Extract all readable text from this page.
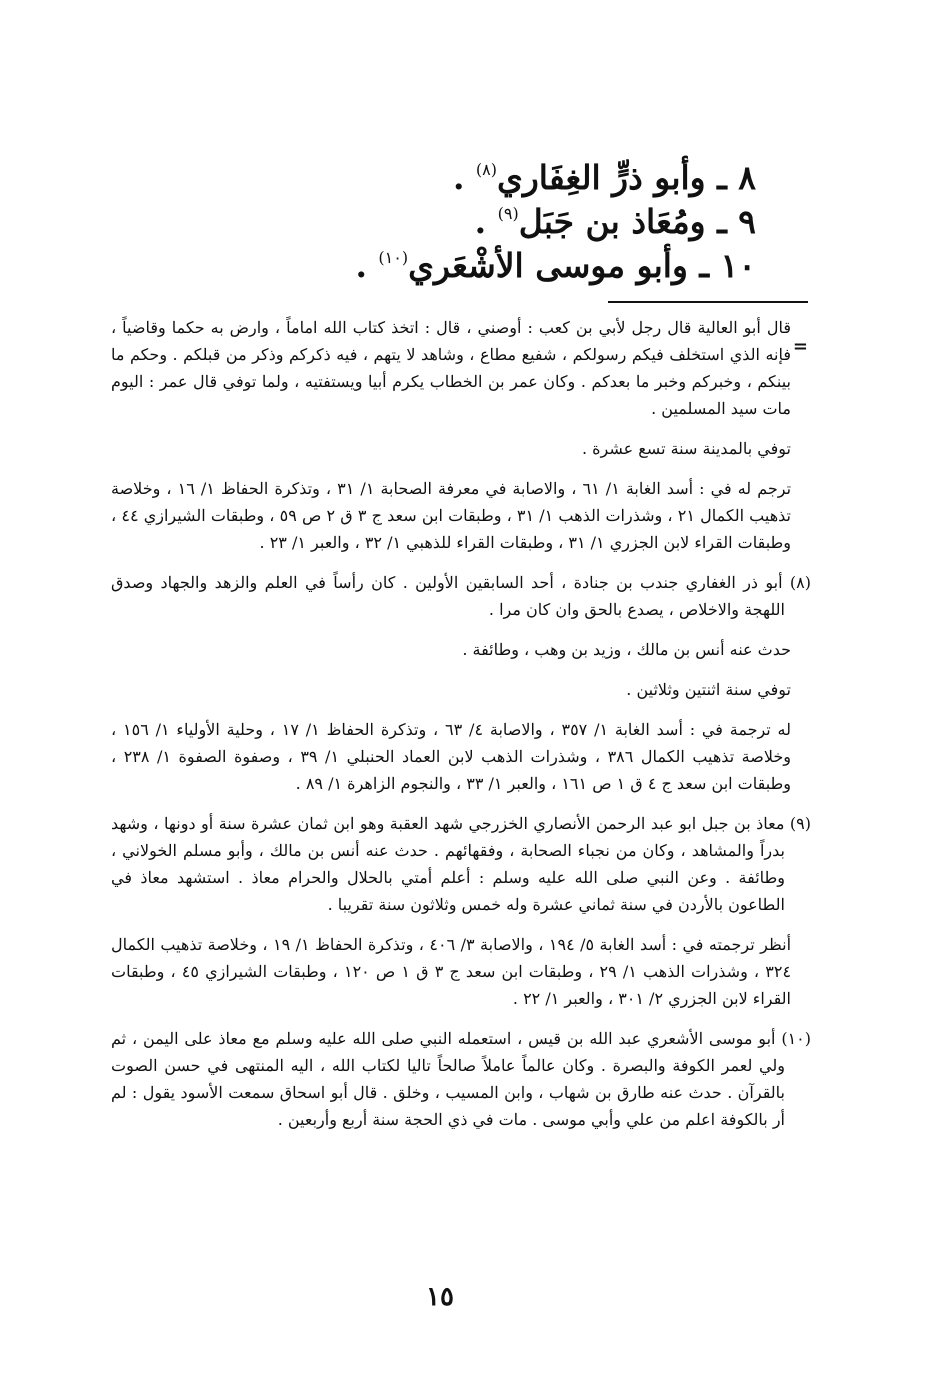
٨ ـ وأبو ذرٍّ الغِفَاري$^{(٨)}$ .
٩ ـ ومُعَاذ بن جَبَل$^{(٩)}$ .
١٠ ـ وأبو موسى الأشْعَري$^{(١٠)}$ .
=

قال أبو العالية قال رجل لأبي بن كعب : أوصني ، قال : اتخذ كتاب الله اماماً ، وارض به حكما وقاضياً ، فإنه الذي استخلف فيكم رسولكم ، شفيع مطاع ، وشاهد لا يتهم ، فيه ذكركم وذكر من قبلكم . وحكم ما بينكم ، وخبركم وخبر ما بعدكم . وكان عمر بن الخطاب يكرم أبيا ويستفتيه ، ولما توفي قال عمر : اليوم مات سيد المسلمين .

توفي بالمدينة سنة تسع عشرة .

ترجم له في : أسد الغابة ١/ ٦١ ، والاصابة في معرفة الصحابة ١/ ٣١ ، وتذكرة الحفاظ ١/ ١٦ ، وخلاصة تذهيب الكمال ٢١ ، وشذرات الذهب ١/ ٣١ ، وطبقات ابن سعد ج ٣ ق ٢ ص ٥٩ ، وطبقات الشيرازي ٤٤ ، وطبقات القراء لابن الجزري ١/ ٣١ ، وطبقات القراء للذهبي ١/ ٣٢ ، والعبر ١/ ٢٣ .

(٨) أبو ذر الغفاري جندب بن جنادة ، أحد السابقين الأولين . كان رأساً في العلم والزهد والجهاد وصدق اللهجة والاخلاص ، يصدع بالحق وان كان مرا .

حدث عنه أنس بن مالك ، وزيد بن وهب ، وطائفة .

توفي سنة اثنتين وثلاثين .

له ترجمة في : أسد الغابة ١/ ٣٥٧ ، والاصابة ٤/ ٦٣ ، وتذكرة الحفاظ ١/ ١٧ ، وحلية الأولياء ١/ ١٥٦ ، وخلاصة تذهيب الكمال ٣٨٦ ، وشذرات الذهب لابن العماد الحنبلي ١/ ٣٩ ، وصفوة الصفوة ١/ ٢٣٨ ، وطبقات ابن سعد ج ٤ ق ١ ص ١٦١ ، والعبر ١/ ٣٣ ، والنجوم الزاهرة ١/ ٨٩ .

(٩) معاذ بن جبل ابو عبد الرحمن الأنصاري الخزرجي شهد العقبة وهو ابن ثمان عشرة سنة أو دونها ، وشهد بدراً والمشاهد ، وكان من نجباء الصحابة ، وفقهائهم . حدث عنه أنس بن مالك ، وأبو مسلم الخولاني ، وطائفة . وعن النبي صلى الله عليه وسلم : أعلم أمتي بالحلال والحرام معاذ . استشهد معاذ في الطاعون بالأردن في سنة ثماني عشرة وله خمس وثلاثون سنة تقريبا .

أنظر ترجمته في : أسد الغابة ٥/ ١٩٤ ، والاصابة ٣/ ٤٠٦ ، وتذكرة الحفاظ ١/ ١٩ ، وخلاصة تذهيب الكمال ٣٢٤ ، وشذرات الذهب ١/ ٢٩ ، وطبقات ابن سعد ج ٣ ق ١ ص ١٢٠ ، وطبقات الشيرازي ٤٥ ، وطبقات القراء لابن الجزري ٢/ ٣٠١ ، والعبر ١/ ٢٢ .

(١٠) أبو موسى الأشعري عبد الله بن قيس ، استعمله النبي صلى الله عليه وسلم مع معاذ على اليمن ، ثم ولي لعمر الكوفة والبصرة . وكان عالماً عاملاً صالحاً تاليا لكتاب الله ، اليه المنتهى في حسن الصوت بالقرآن . حدث عنه طارق بن شهاب ، وابن المسيب ، وخلق . قال أبو اسحاق سمعت الأسود يقول : لم أر بالكوفة اعلم من علي وأبي موسى . مات في ذي الحجة سنة أربع وأربعين .

١٥
